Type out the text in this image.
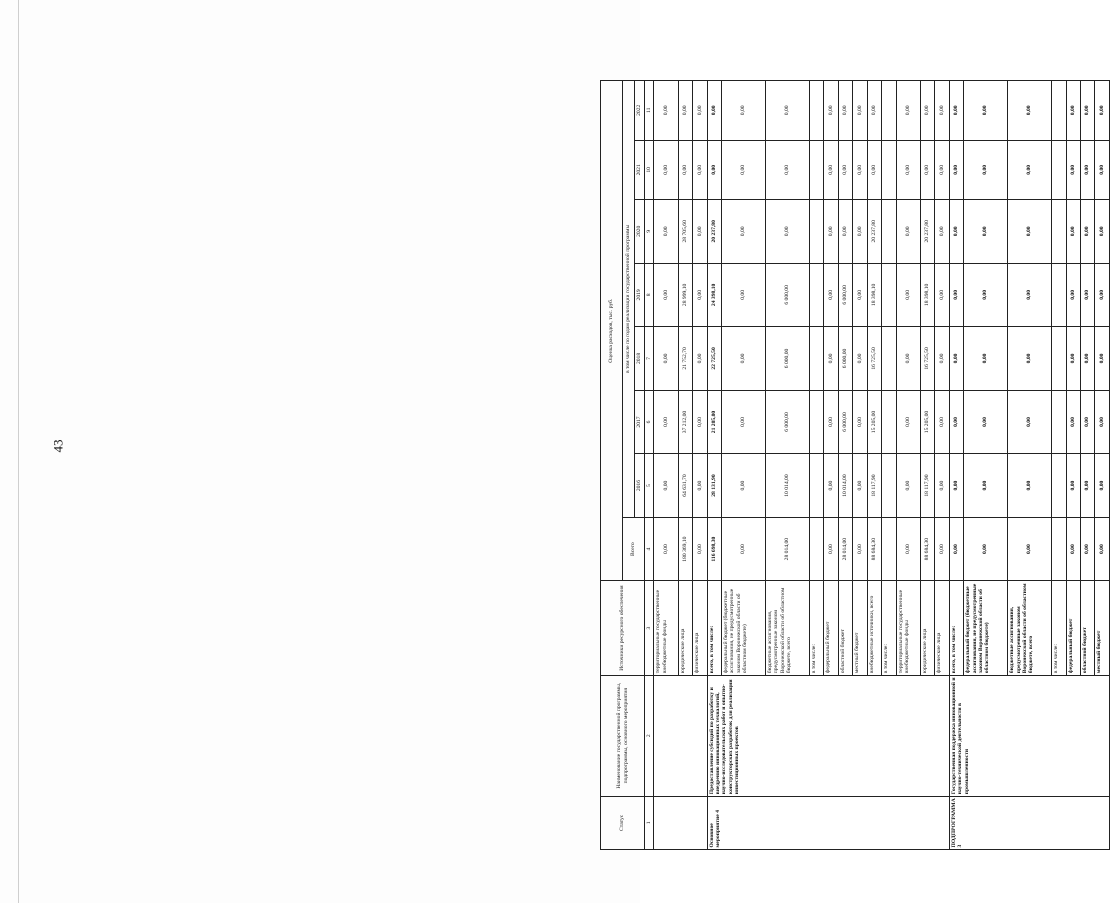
43
Статус	Наименование государственной программы, подпрограммы, основного мероприятия	Источники ресурсного обеспечения	Оценка расходов, тыс. руб.							
			Всего	в том числе по годам реализации государственной программы						
				2016	2017	2018	2019	2020	2021	2022
1	2	3	4	5	6	7	8	9	10	11
		территориальные государственные внебюджетные фонды	0,00	0,00	0,00	0,00	0,00	0,00	0,00	0,00
		юридические лица	180 369,10	64 631,70	37 212,00	21 752,70	28 999,10	28 705,60	0,00	0,00
		физические лица	0,00	0,00	0,00	0,00	0,00	0,00	0,00	0,00
Основное мероприятие 4	Предоставление субсидий по разработку и внедрению инновационных техналогий, научно-исследовательских работ и опытно-конструкторских разработок для реализации инвестиционных проектов	всего, в том числе:	116 698,30	28 131,90	21 205,00	22 725,50	24 398,10	20 237,80	0,00	0,00
		федеральный бюджет (бюджетные ассигнования, не предусмотренные законом Воронежской области об областном бюджете)	0,00	0,00	0,00	0,00	0,00	0,00	0,00	0,00
		бюджетные ассигнования, предусмотренные законом Воронежской области об областном бюджете, всего	28 014,00	10 014,00	6 000,00	6 000,00	6 000,00	0,00	0,00	0,00
		в том числе:								
		федеральный бюджет	0,00	0,00	0,00	0,00	0,00	0,00	0,00	0,00
		областной бюджет	28 014,00	10 014,00	6 000,00	6 000,00	6 000,00	0,00	0,00	0,00
		местный бюджет	0,00	0,00	0,00	0,00	0,00	0,00	0,00	0,00
		внебюджетные источники, всего	88 684,30	18 117,90	15 205,00	16 725,50	18 398,10	20 237,80	0,00	0,00
		в том числе:								
		территориальные государственные внебюджетные фонды	0,00	0,00	0,00	0,00	0,00	0,00	0,00	0,00
		юридические лица	88 684,30	18 117,90	15 205,00	16 725,50	18 398,10	20 237,80	0,00	0,00
		физические лица	0,00	0,00	0,00	0,00	0,00	0,00	0,00	0,00
ПОДПРОГРАММА 3	Государственная поддержка инновационной и научно-технической деятельности в промышленности	всего, в том числе:	0,00	0,00	0,00	0,00	0,00	0,00	0,00	0,00
		федеральный бюджет (бюджетные ассигнования, не предусмотренные законом Воронежской области об областном бюджете)	0,00	0,00	0,00	0,00	0,00	0,00	0,00	0,00
		бюджетные ассигнования, предусмотренные законом Воронежской области об областном бюджете, всего	0,00	0,00	0,00	0,00	0,00	0,00	0,00	0,00
		в том числе:								
		федеральный бюджет	0,00	0,00	0,00	0,00	0,00	0,00	0,00	0,00
		областной бюджет	0,00	0,00	0,00	0,00	0,00	0,00	0,00	0,00
		местный бюджет	0,00	0,00	0,00	0,00	0,00	0,00	0,00	0,00
